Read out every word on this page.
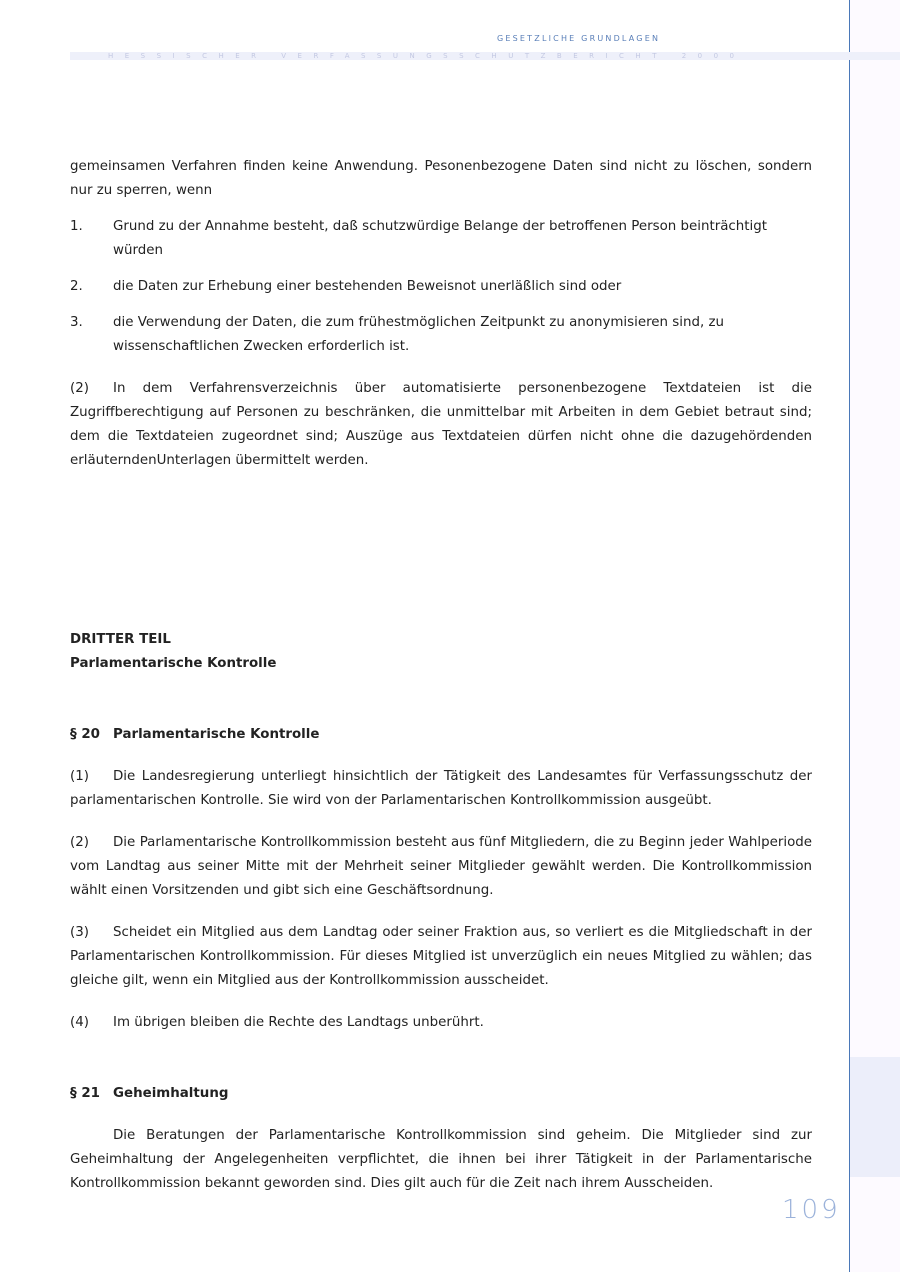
GESETZLICHE GRUNDLAGEN
HESSISCHER VERFASSUNGSSCHUTZBERICHT 2000

gemeinsamen Verfahren finden keine Anwendung. Pesonenbezogene Daten sind nicht zu löschen, sondern nur zu sperren, wenn

1.	Grund zu der Annahme besteht, daß schutzwürdige Belange der betroffenen Person beinträchtigt würden
2.	die Daten zur Erhebung einer bestehenden Beweisnot unerläßlich sind oder
3.	die Verwendung der Daten, die zum frühestmöglichen Zeitpunkt zu anonymisieren sind, zu wissenschaftlichen Zwecken erforderlich ist.

(2) In dem Verfahrensverzeichnis über automatisierte personenbezogene Textdateien ist die Zugriffberechtigung auf Personen zu beschränken, die unmittelbar mit Arbeiten in dem Gebiet betraut sind; dem die Textdateien zugeordnet sind; Auszüge aus Textdateien dürfen nicht ohne die dazugehördenden erläuterndenUnterlagen übermittelt werden.

DRITTER TEIL
Parlamentarische Kontrolle
§ 20 Parlamentarische Kontrolle

(1) Die Landesregierung unterliegt hinsichtlich der Tätigkeit des Landesamtes für Verfassungsschutz der parlamentarischen Kontrolle. Sie wird von der Parlamentarischen Kontrollkommission ausgeübt.

(2) Die Parlamentarische Kontrollkommission besteht aus fünf Mitgliedern, die zu Beginn jeder Wahlperiode vom Landtag aus seiner Mitte mit der Mehrheit seiner Mitglieder gewählt werden. Die Kontrollkommission wählt einen Vorsitzenden und gibt sich eine Geschäftsordnung.

(3) Scheidet ein Mitglied aus dem Landtag oder seiner Fraktion aus, so verliert es die Mitgliedschaft in der Parlamentarischen Kontrollkommission. Für dieses Mitglied ist unverzüglich ein neues Mitglied zu wählen; das gleiche gilt, wenn ein Mitglied aus der Kontrollkommission ausscheidet.

(4) Im übrigen bleiben die Rechte des Landtags unberührt.

§ 21 Geheimhaltung

Die Beratungen der Parlamentarische Kontrollkommission sind geheim. Die Mitglieder sind zur Geheimhaltung der Angelegenheiten verpflichtet, die ihnen bei ihrer Tätigkeit in der Parlamentarische Kontrollkommission bekannt geworden sind. Dies gilt auch für die Zeit nach ihrem Ausscheiden.

109
